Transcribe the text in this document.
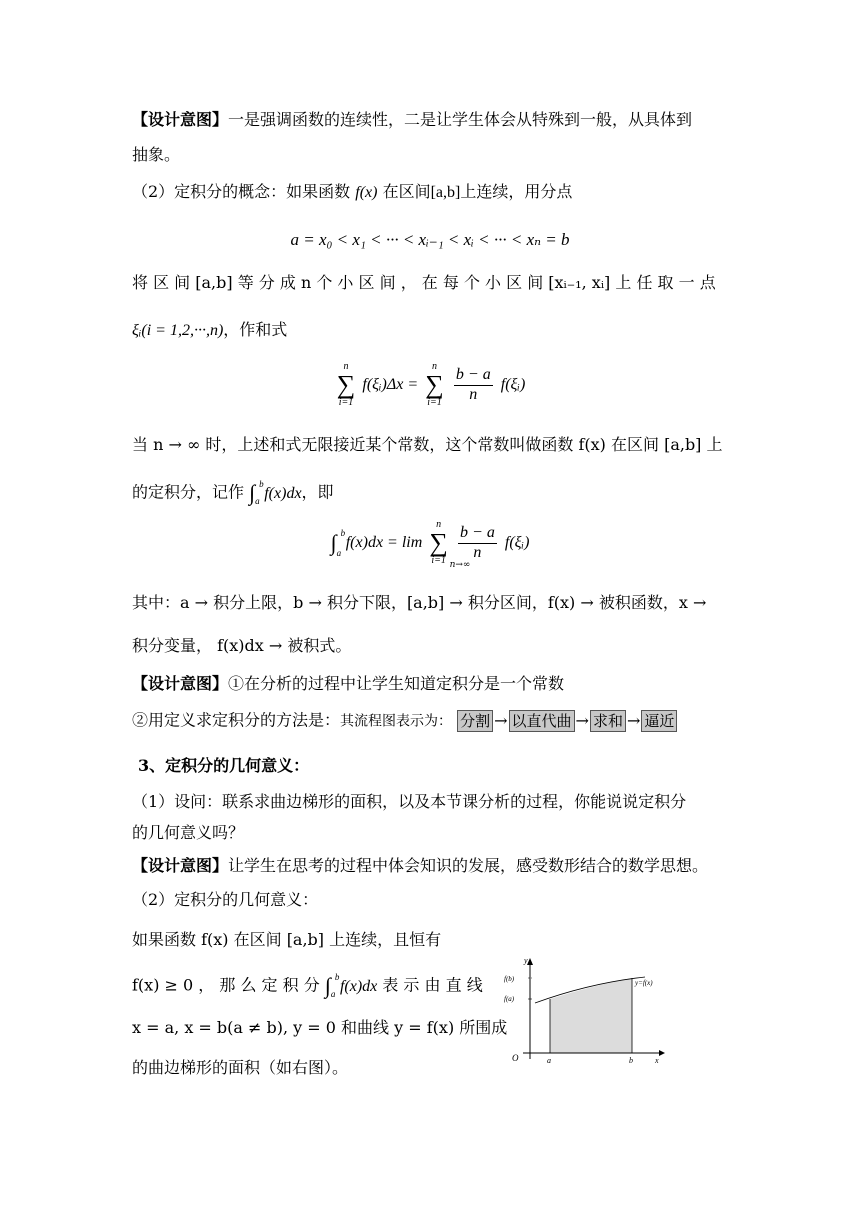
【设计意图】一是强调函数的连续性，二是让学生体会从特殊到一般，从具体到
抽象。
（2）定积分的概念：如果函数 f(x) 在区间[a,b]上连续，用分点
a = x₀ < x₁ < ··· < xᵢ₋₁ < xᵢ < ··· < xₙ = b
将 区 间 [a,b] 等 分 成 n 个 小 区 间 ， 在 每 个 小 区 间 [xᵢ₋₁, xᵢ] 上 任 取 一 点
ξᵢ(i = 1,2,···,n)，作和式
n
∑
i=1
f(ξᵢ)Δx =
n
∑
i=1
$\frac{b - a}{n}$ f(ξᵢ)
当 n → ∞ 时，上述和式无限接近某个常数，这个常数叫做函数 f(x) 在区间 [a,b] 上
的定积分，记作 ∫ b
a f(x)dx，即
∫ b
a
f(x)dx = lim
n
∑
i=1
$\frac{b - a}{n}$ f(ξᵢ)
n→∞
其中：a → 积分上限，b → 积分下限，[a,b] → 积分区间，f(x) → 被积函数，x →
积分变量， f(x)dx → 被积式。
【设计意图】①在分析的过程中让学生知道定积分是一个常数
②用定义求定积分的方法是：其流程图表示为： 分割 → 以直代曲 → 求和 → 逼近
3、定积分的几何意义：
（1）设问：联系求曲边梯形的面积，以及本节课分析的过程，你能说说定积分
的几何意义吗？
【设计意图】让学生在思考的过程中体会知识的发展，感受数形结合的数学思想。
（2）定积分的几何意义：
如果函数 f(x) 在区间 [a,b] 上连续，且恒有
f(x) ≥ 0 ， 那 么 定 积 分 ∫ b
a f(x)dx 表 示 由 直 线
x = a, x = b(a ≠ b), y = 0 和曲线 y = f(x) 所围成
的曲边梯形的面积（如右图）。
y
x
O	a	b
f(b)
f(a)
y=f(x)
